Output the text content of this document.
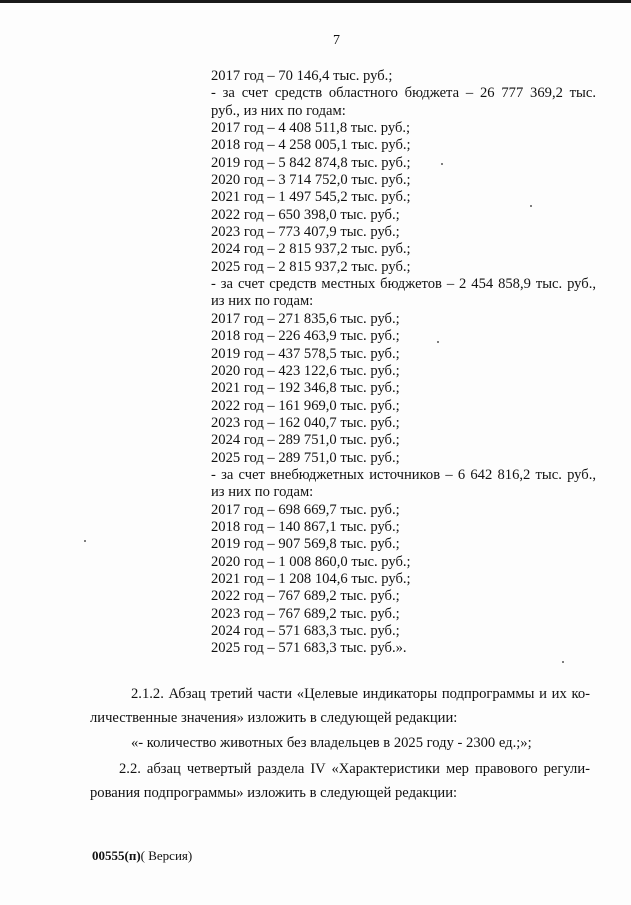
7
2017 год – 70 146,4 тыс. руб.;
- за счет средств областного бюджета – 26 777 369,2 тыс.
руб., из них по годам:
2017 год – 4 408 511,8 тыс. руб.;
2018 год – 4 258 005,1 тыс. руб.;
2019 год – 5 842 874,8 тыс. руб.;
2020 год – 3 714 752,0 тыс. руб.;
2021 год – 1 497 545,2 тыс. руб.;
2022 год – 650 398,0 тыс. руб.;
2023 год – 773 407,9 тыс. руб.;
2024 год – 2 815 937,2 тыс. руб.;
2025 год – 2 815 937,2 тыс. руб.;
- за счет средств местных бюджетов – 2 454 858,9 тыс. руб.,
из них по годам:
2017 год – 271 835,6 тыс. руб.;
2018 год – 226 463,9 тыс. руб.;
2019 год – 437 578,5 тыс. руб.;
2020 год – 423 122,6 тыс. руб.;
2021 год – 192 346,8 тыс. руб.;
2022 год – 161 969,0 тыс. руб.;
2023 год – 162 040,7 тыс. руб.;
2024 год – 289 751,0 тыс. руб.;
2025 год – 289 751,0 тыс. руб.;
- за счет внебюджетных источников – 6 642 816,2 тыс. руб.,
из них по годам:
2017 год – 698 669,7 тыс. руб.;
2018 год – 140 867,1 тыс. руб.;
2019 год – 907 569,8 тыс. руб.;
2020 год – 1 008 860,0 тыс. руб.;
2021 год – 1 208 104,6 тыс. руб.;
2022 год – 767 689,2 тыс. руб.;
2023 год – 767 689,2 тыс. руб.;
2024 год – 571 683,3 тыс. руб.;
2025 год – 571 683,3 тыс. руб.».
2.1.2. Абзац третий части «Целевые индикаторы подпрограммы и их ко-
личественные значения» изложить в следующей редакции:
«- количество животных без владельцев в 2025 году - 2300 ед.;»;
2.2. абзац четвертый раздела IV «Характеристики мер правового регули-
рования подпрограммы» изложить в следующей редакции:
00555(п)( Версия)
